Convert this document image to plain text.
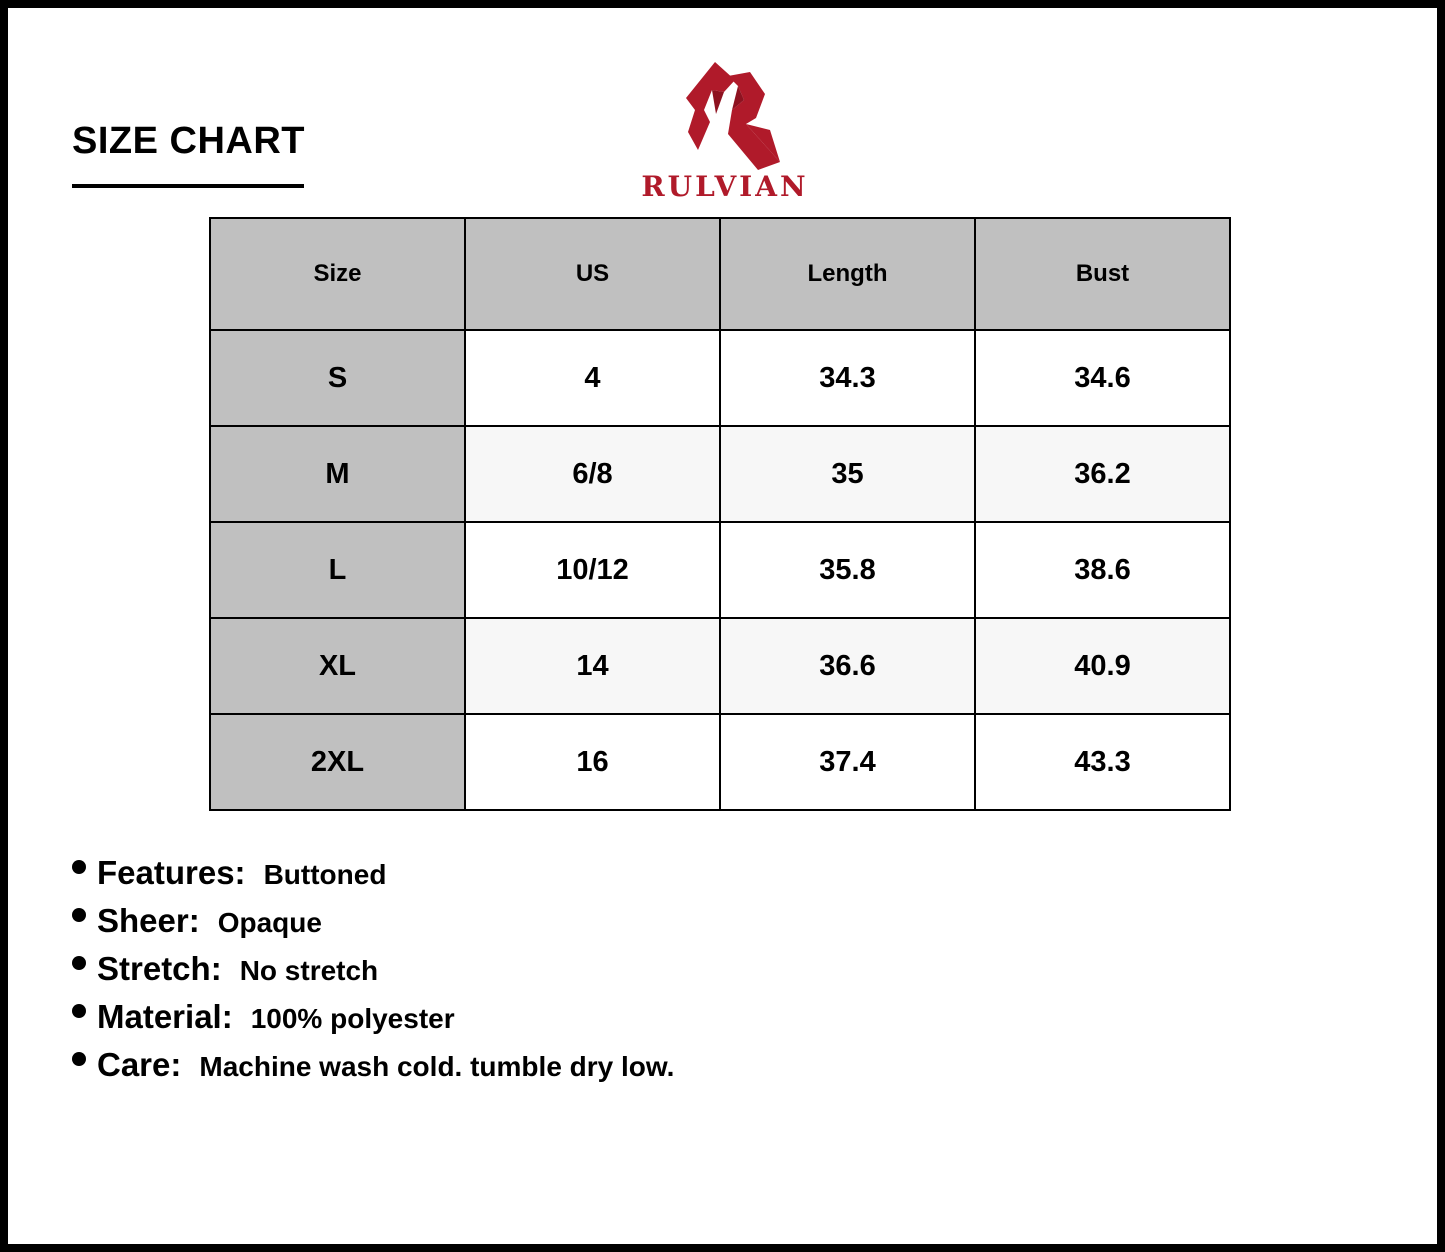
SIZE CHART
RULVIAN
Size	US	Length	Bust
S	4	34.3	34.6
M	6/8	35	36.2
L	10/12	35.8	38.6
XL	14	36.6	40.9
2XL	16	37.4	43.3
Features: Buttoned
Sheer: Opaque
Stretch: No stretch
Material: 100% polyester
Care: Machine wash cold. tumble dry low.
